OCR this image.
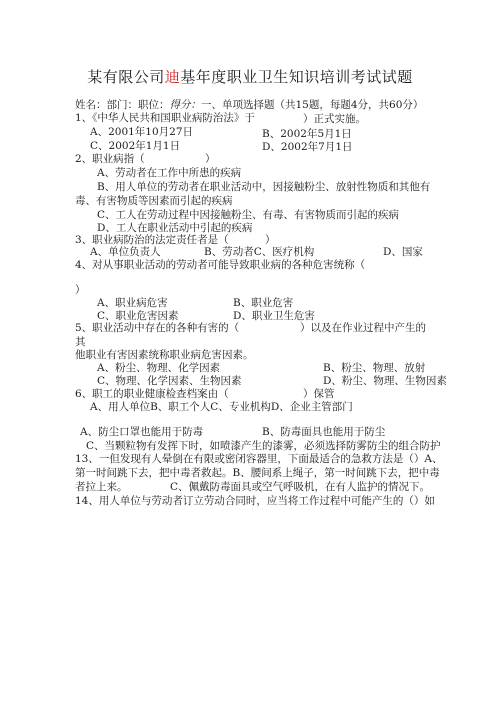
某有限公司迪基年度职业卫生知识培训考试试题
姓名：部门：职位：得分：一、单项选择题（共15题，每题4分，共60分）
1、《中华人民共和国职业病防治法》于	）正式实施。
A、2001年10月27日	B、2002年5月1日
C、2002年1月1日	D、2002年7月1日
2、职业病指（	）
A、劳动者在工作中所患的疾病
B、用人单位的劳动者在职业活动中，因接触粉尘、放射性物质和其他有
毒、有害物质等因素而引起的疾病
C、工人在劳动过程中因接触粉尘、有毒、有害物质而引起的疾病
D、工人在职业活动中引起的疾病
3、职业病防治的法定责任者是（	）
A、单位负责人	B、劳动者C、医疗机构	D、国家
4、对从事职业活动的劳动者可能导致职业病的各种危害统称（
）
A、职业病危害	B、职业危害
C、职业危害因素	D、职业卫生危害
5、职业活动中存在的各种有害的（	）以及在作业过程中产生的
其
他职业有害因素统称职业病危害因素。
A、粉尘、物理、化学因素	B、粉尘、物理、放射
C、物理、化学因素、生物因素	D、粉尘、物理、生物因素
6、职工的职业健康检查档案由（	）保管
A、用人单位B、职工个人C、专业机构D、企业主管部门
A、防尘口罩也能用于防毒	B、防毒面具也能用于防尘
C、当颗粒物有发挥下时，如喷漆产生的漆雾，必须选择防雾防尘的组合防护
13、一但发现有人晕倒在有限或密闭容器里，下面最适合的急救方法是（）A、
第一时间跳下去，把中毒者救起。B、腰间系上绳子，第一时间跳下去，把中毒
者拉上来。	C、佩戴防毒面具或空气呼吸机，在有人监护的情况下。
14、用人单位与劳动者订立劳动合同时，应当将工作过程中可能产生的（）如
